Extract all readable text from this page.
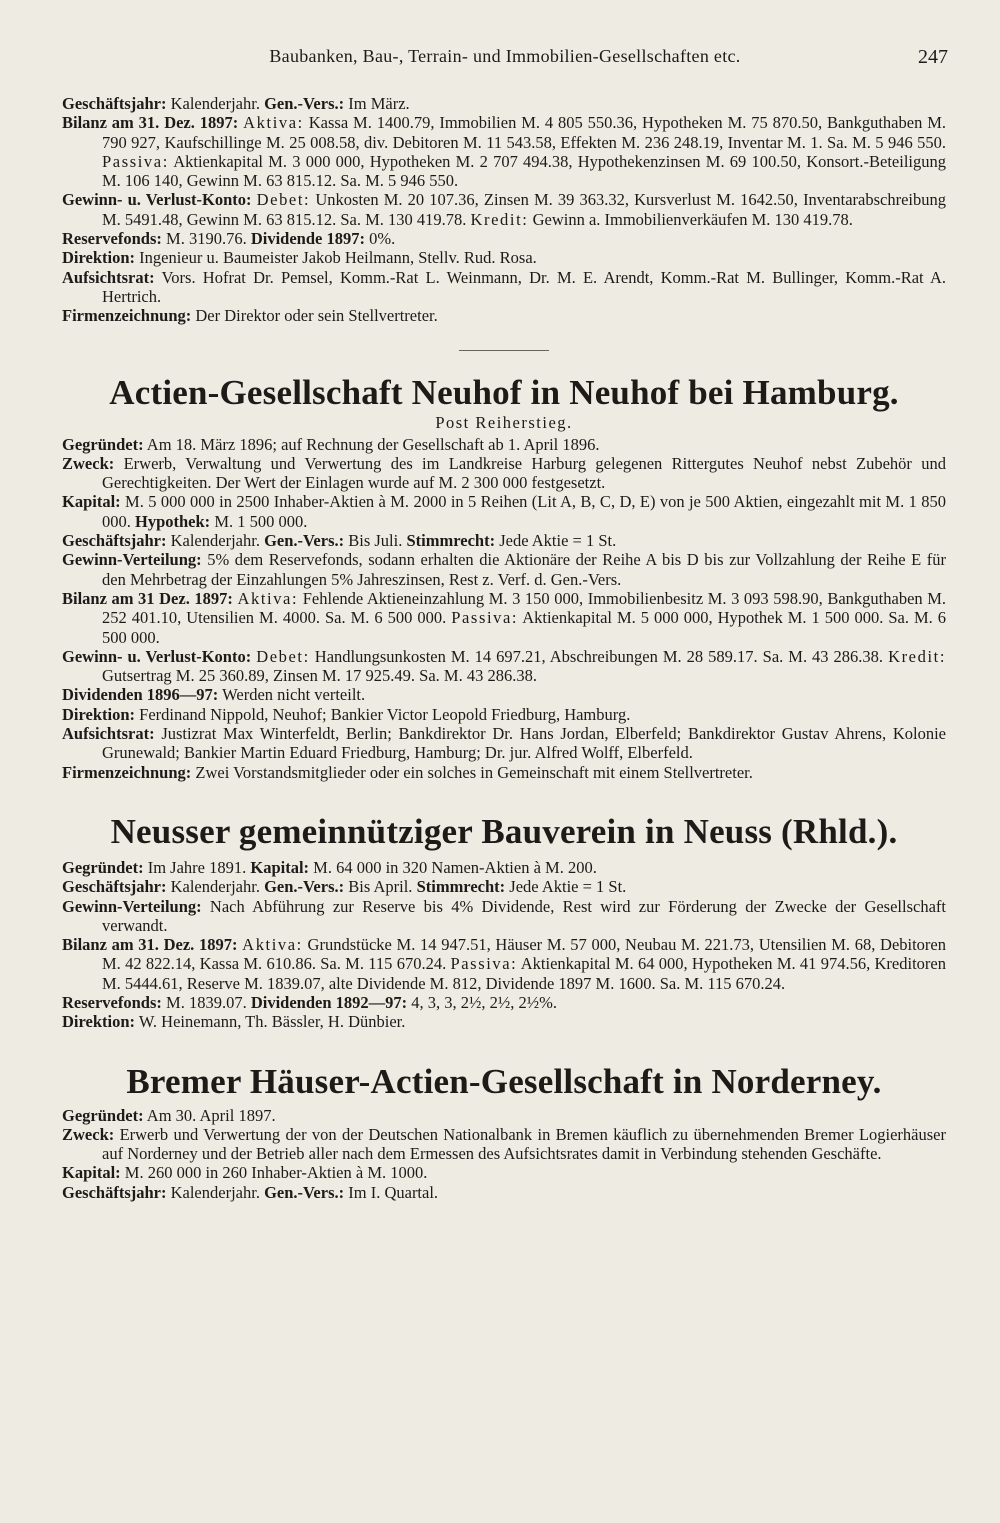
Baubanken, Bau-, Terrain- und Immobilien-Gesellschaften etc.	247

Geschäftsjahr: Kalenderjahr. Gen.-Vers.: Im März.

Bilanz am 31. Dez. 1897: Aktiva: Kassa M. 1400.79, Immobilien M. 4 805 550.36, Hypotheken M. 75 870.50, Bankguthaben M. 790 927, Kaufschillinge M. 25 008.58, div. Debitoren M. 11 543.58, Effekten M. 236 248.19, Inventar M. 1. Sa. M. 5 946 550. Passiva: Aktienkapital M. 3 000 000, Hypotheken M. 2 707 494.38, Hypothekenzinsen M. 69 100.50, Konsort.-Beteiligung M. 106 140, Gewinn M. 63 815.12. Sa. M. 5 946 550.

Gewinn- u. Verlust-Konto: Debet: Unkosten M. 20 107.36, Zinsen M. 39 363.32, Kursverlust M. 1642.50, Inventarabschreibung M. 5491.48, Gewinn M. 63 815.12. Sa. M. 130 419.78. Kredit: Gewinn a. Immobilienverkäufen M. 130 419.78.

Reservefonds: M. 3190.76. Dividende 1897: 0%.

Direktion: Ingenieur u. Baumeister Jakob Heilmann, Stellv. Rud. Rosa.

Aufsichtsrat: Vors. Hofrat Dr. Pemsel, Komm.-Rat L. Weinmann, Dr. M. E. Arendt, Komm.-Rat M. Bullinger, Komm.-Rat A. Hertrich.

Firmenzeichnung: Der Direktor oder sein Stellvertreter.

Actien-Gesellschaft Neuhof in Neuhof bei Hamburg.
Post Reiherstieg.

Gegründet: Am 18. März 1896; auf Rechnung der Gesellschaft ab 1. April 1896.

Zweck: Erwerb, Verwaltung und Verwertung des im Landkreise Harburg gelegenen Rittergutes Neuhof nebst Zubehör und Gerechtigkeiten. Der Wert der Einlagen wurde auf M. 2 300 000 festgesetzt.

Kapital: M. 5 000 000 in 2500 Inhaber-Aktien à M. 2000 in 5 Reihen (Lit A, B, C, D, E) von je 500 Aktien, eingezahlt mit M. 1 850 000. Hypothek: M. 1 500 000.

Geschäftsjahr: Kalenderjahr. Gen.-Vers.: Bis Juli. Stimmrecht: Jede Aktie = 1 St.

Gewinn-Verteilung: 5% dem Reservefonds, sodann erhalten die Aktionäre der Reihe A bis D bis zur Vollzahlung der Reihe E für den Mehrbetrag der Einzahlungen 5% Jahreszinsen, Rest z. Verf. d. Gen.-Vers.

Bilanz am 31 Dez. 1897: Aktiva: Fehlende Aktieneinzahlung M. 3 150 000, Immobilienbesitz M. 3 093 598.90, Bankguthaben M. 252 401.10, Utensilien M. 4000. Sa. M. 6 500 000. Passiva: Aktienkapital M. 5 000 000, Hypothek M. 1 500 000. Sa. M. 6 500 000.

Gewinn- u. Verlust-Konto: Debet: Handlungsunkosten M. 14 697.21, Abschreibungen M. 28 589.17. Sa. M. 43 286.38. Kredit: Gutsertrag M. 25 360.89, Zinsen M. 17 925.49. Sa. M. 43 286.38.

Dividenden 1896—97: Werden nicht verteilt.

Direktion: Ferdinand Nippold, Neuhof; Bankier Victor Leopold Friedburg, Hamburg.

Aufsichtsrat: Justizrat Max Winterfeldt, Berlin; Bankdirektor Dr. Hans Jordan, Elberfeld; Bankdirektor Gustav Ahrens, Kolonie Grunewald; Bankier Martin Eduard Friedburg, Hamburg; Dr. jur. Alfred Wolff, Elberfeld.

Firmenzeichnung: Zwei Vorstandsmitglieder oder ein solches in Gemeinschaft mit einem Stellvertreter.

Neusser gemeinnütziger Bauverein in Neuss (Rhld.).

Gegründet: Im Jahre 1891. Kapital: M. 64 000 in 320 Namen-Aktien à M. 200.

Geschäftsjahr: Kalenderjahr. Gen.-Vers.: Bis April. Stimmrecht: Jede Aktie = 1 St.

Gewinn-Verteilung: Nach Abführung zur Reserve bis 4% Dividende, Rest wird zur Förderung der Zwecke der Gesellschaft verwandt.

Bilanz am 31. Dez. 1897: Aktiva: Grundstücke M. 14 947.51, Häuser M. 57 000, Neubau M. 221.73, Utensilien M. 68, Debitoren M. 42 822.14, Kassa M. 610.86. Sa. M. 115 670.24. Passiva: Aktienkapital M. 64 000, Hypotheken M. 41 974.56, Kreditoren M. 5444.61, Reserve M. 1839.07, alte Dividende M. 812, Dividende 1897 M. 1600. Sa. M. 115 670.24.

Reservefonds: M. 1839.07. Dividenden 1892—97: 4, 3, 3, 2½, 2½, 2½%.

Direktion: W. Heinemann, Th. Bässler, H. Dünbier.

Bremer Häuser-Actien-Gesellschaft in Norderney.

Gegründet: Am 30. April 1897.

Zweck: Erwerb und Verwertung der von der Deutschen Nationalbank in Bremen käuflich zu übernehmenden Bremer Logierhäuser auf Norderney und der Betrieb aller nach dem Ermessen des Aufsichtsrates damit in Verbindung stehenden Geschäfte.

Kapital: M. 260 000 in 260 Inhaber-Aktien à M. 1000.

Geschäftsjahr: Kalenderjahr. Gen.-Vers.: Im I. Quartal.
